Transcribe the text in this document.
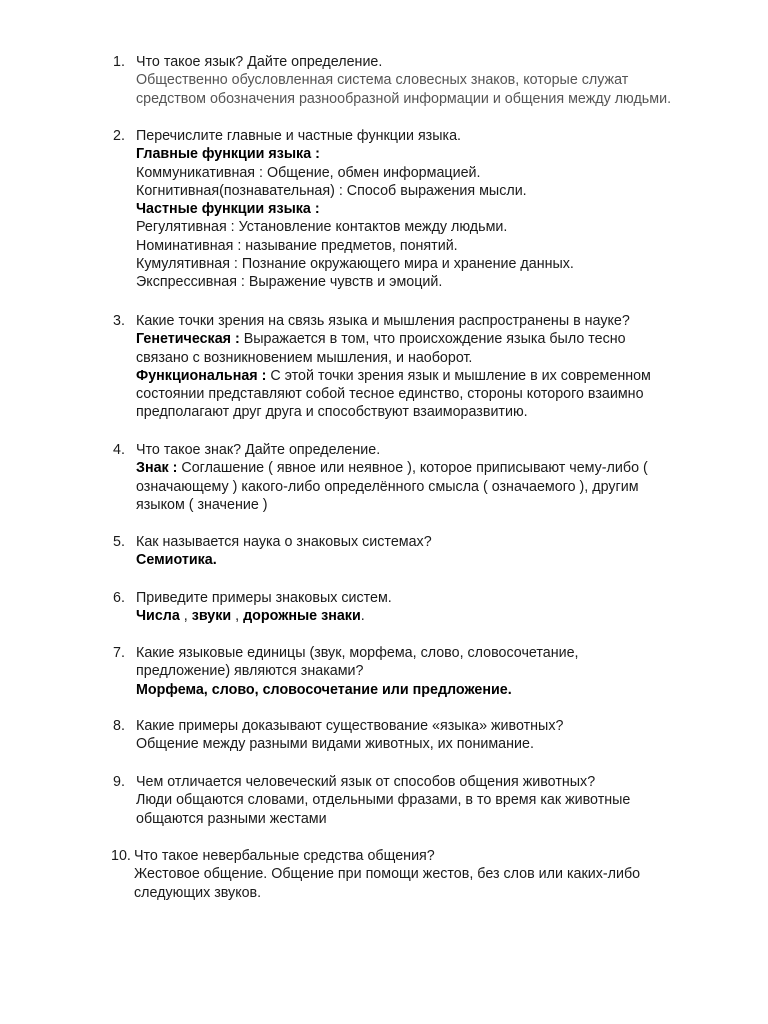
1. Что такое язык? Дайте определение.
Общественно обусловленная система словесных знаков, которые служат
средством обозначения разнообразной информации и общения между людьми.
2. Перечислите главные и частные функции языка.
Главные функции языка :
Коммуникативная : Общение, обмен информацией.
Когнитивная(познавательная) : Способ выражения мысли.
Частные функции языка :
Регулятивная : Установление контактов между людьми.
Номинативная : называние предметов, понятий.
Кумулятивная : Познание окружающего мира и хранение данных.
Экспрессивная : Выражение чувств и эмоций.
3. Какие точки зрения на связь языка и мышления распространены в науке?
Генетическая : Выражается в том, что происхождение языка было тесно
связано с возникновением мышления, и наоборот.
Функциональная : С этой точки зрения язык и мышление в их современном
состоянии представляют собой тесное единство, стороны которого взаимно
предполагают друг друга и способствуют взаиморазвитию.
4. Что такое знак? Дайте определение.
Знак : Соглашение ( явное или неявное ), которое приписывают чему-либо (
означающему ) какого-либо определённого смысла ( означаемого ), другим
языком ( значение )
5. Как называется наука о знаковых системах?
Семиотика.
6. Приведите примеры знаковых систем.
Числа , звуки , дорожные знаки.
7. Какие языковые единицы (звук, морфема, слово, словосочетание,
предложение) являются знаками?
Морфема, слово, словосочетание или предложение.
8. Какие примеры доказывают существование «языка» животных?
Общение между разными видами животных, их понимание.
9. Чем отличается человеческий язык от способов общения животных?
Люди общаются словами, отдельными фразами, в то время как животные
общаются разными жестами
10. Что такое невербальные средства общения?
Жестовое общение. Общение при помощи жестов, без слов или каких-либо
следующих звуков.
